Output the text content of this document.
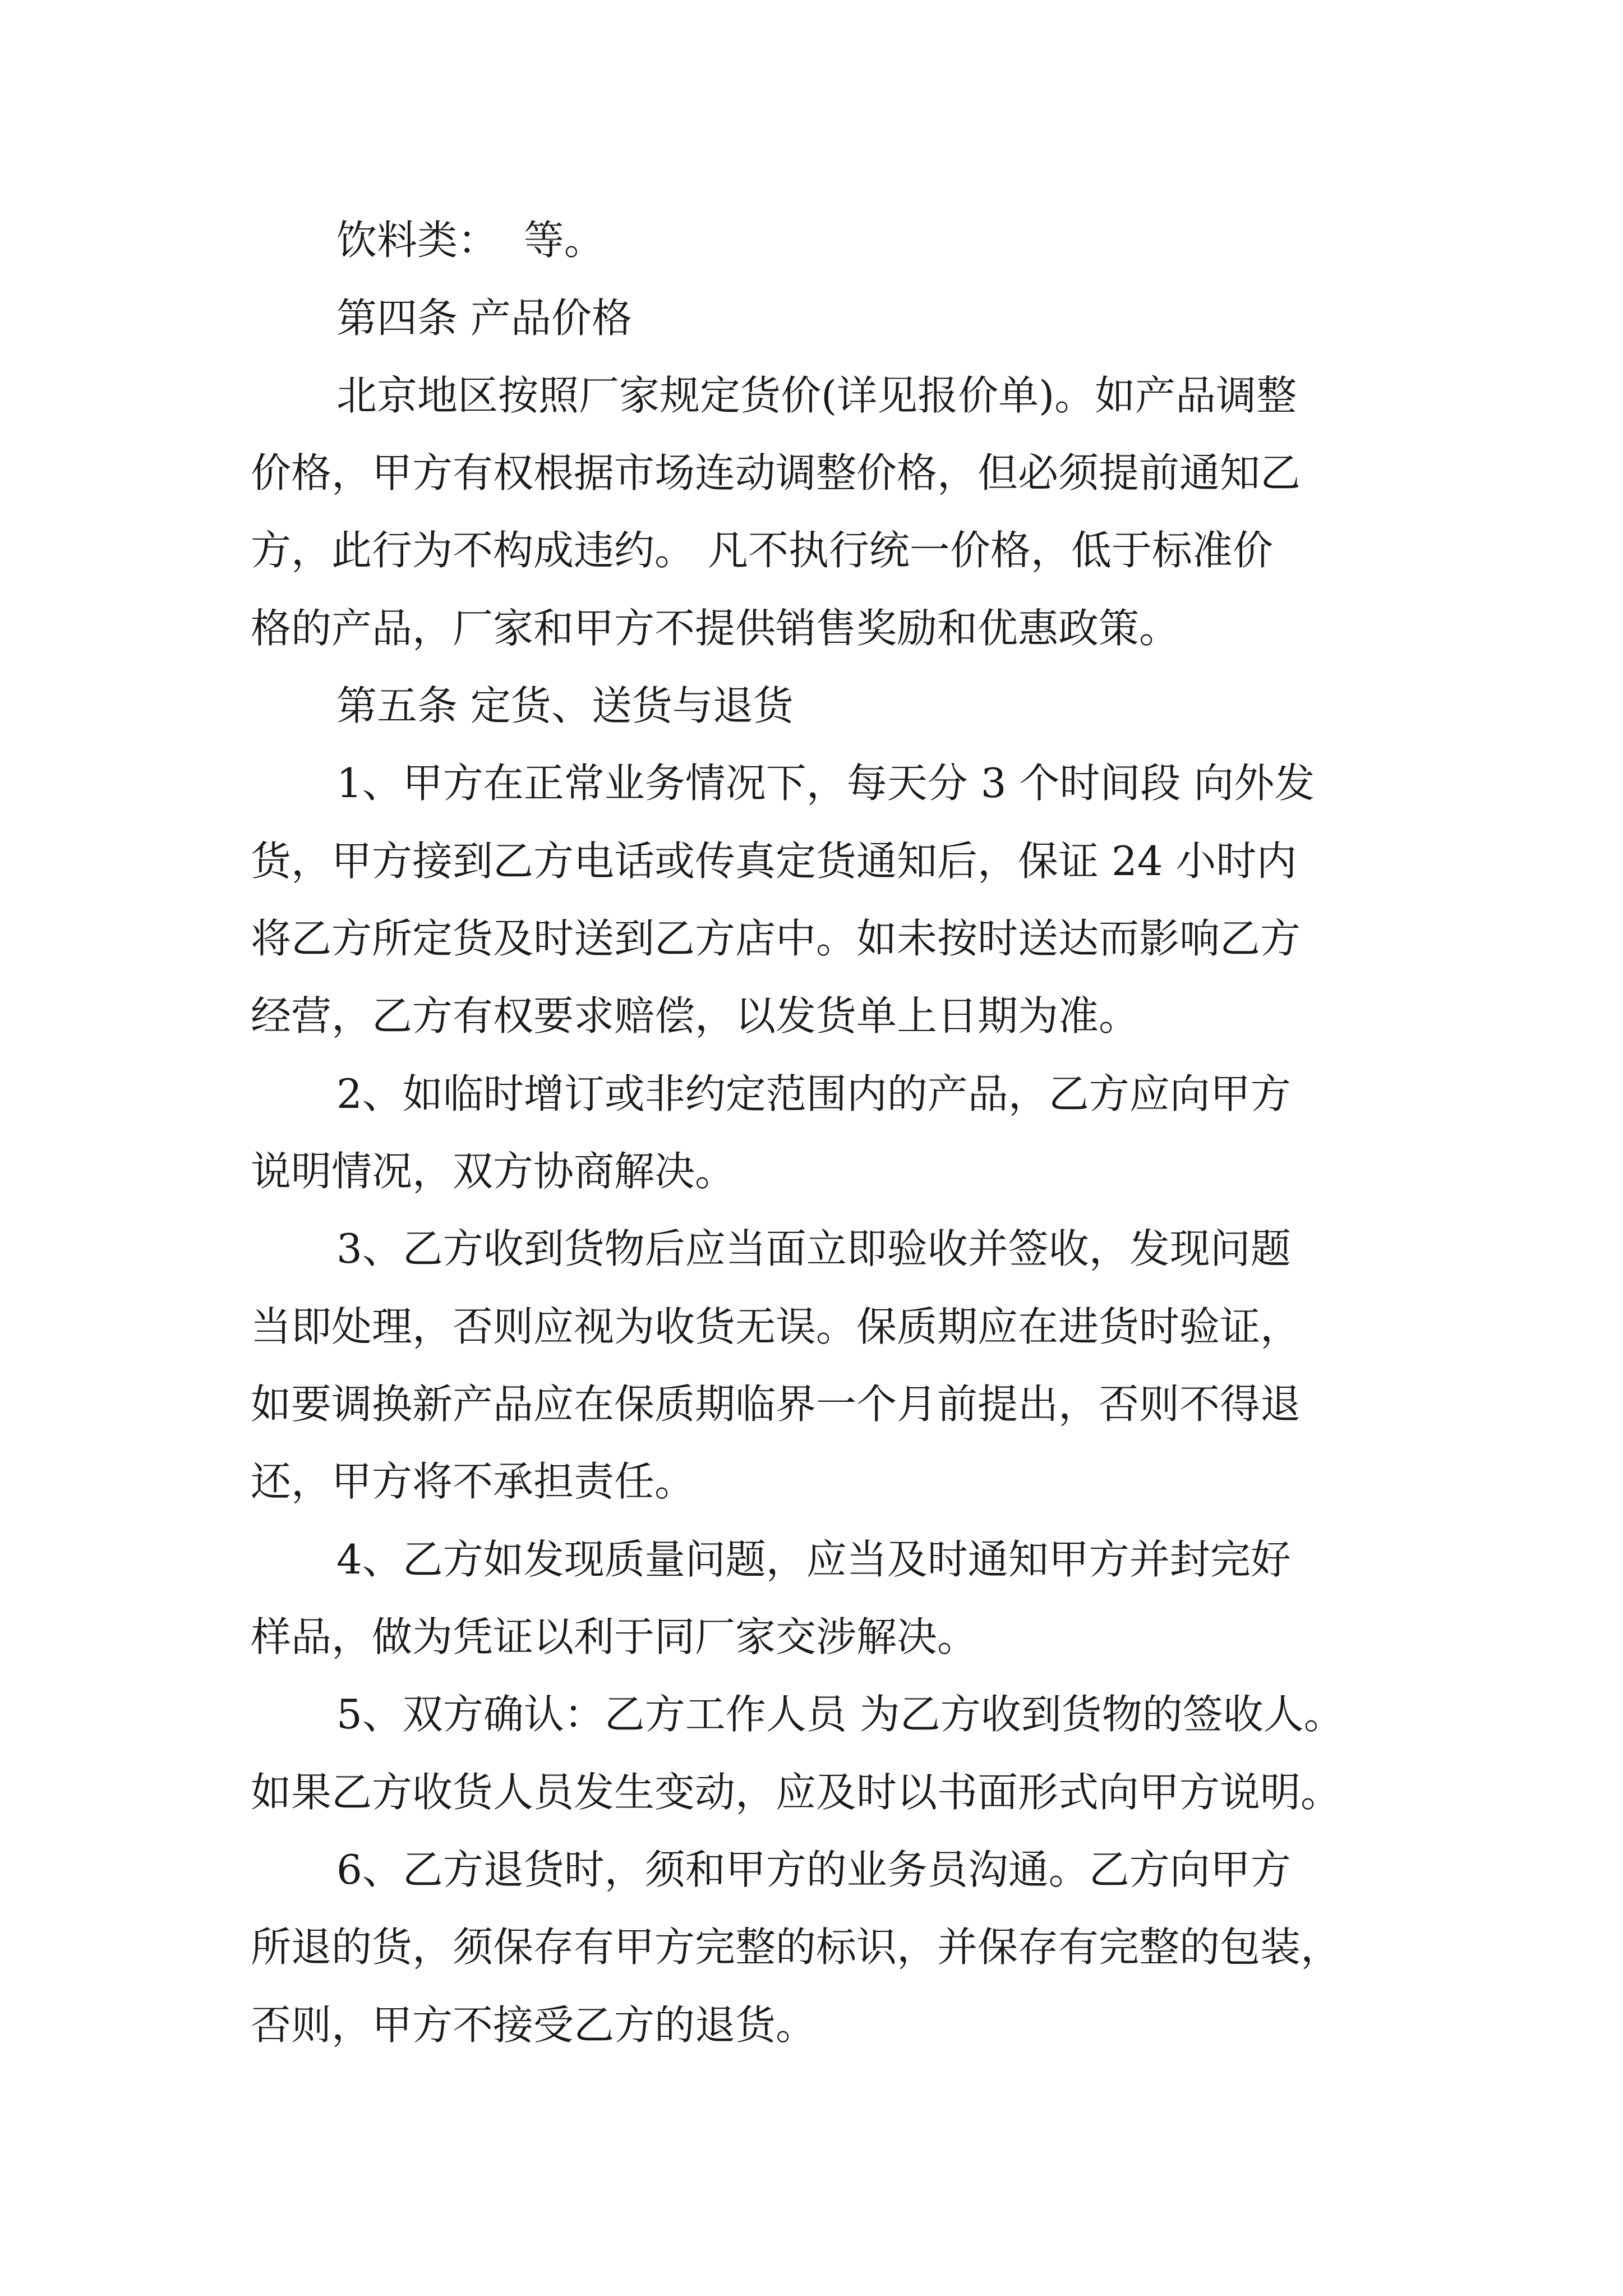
饮料类：  等。

第四条 产品价格

北京地区按照厂家规定货价(详见报价单)。如产品调整

价格，甲方有权根据市场连动调整价格，但必须提前通知乙

方，此行为不构成违约。 凡不执行统一价格，低于标准价

格的产品，厂家和甲方不提供销售奖励和优惠政策。

第五条 定货、送货与退货

1、甲方在正常业务情况下，每天分 3 个时间段 向外发

货，甲方接到乙方电话或传真定货通知后，保证 24 小时内

将乙方所定货及时送到乙方店中。如未按时送达而影响乙方

经营，乙方有权要求赔偿，以发货单上日期为准。

2、如临时增订或非约定范围内的产品，乙方应向甲方

说明情况，双方协商解决。

3、乙方收到货物后应当面立即验收并签收，发现问题

当即处理，否则应视为收货无误。保质期应在进货时验证，

如要调换新产品应在保质期临界一个月前提出，否则不得退

还，甲方将不承担责任。

4、乙方如发现质量问题，应当及时通知甲方并封完好

样品，做为凭证以利于同厂家交涉解决。

5、双方确认：乙方工作人员 为乙方收到货物的签收人。

如果乙方收货人员发生变动，应及时以书面形式向甲方说明。

6、乙方退货时，须和甲方的业务员沟通。乙方向甲方

所退的货，须保存有甲方完整的标识，并保存有完整的包装，

否则，甲方不接受乙方的退货。
